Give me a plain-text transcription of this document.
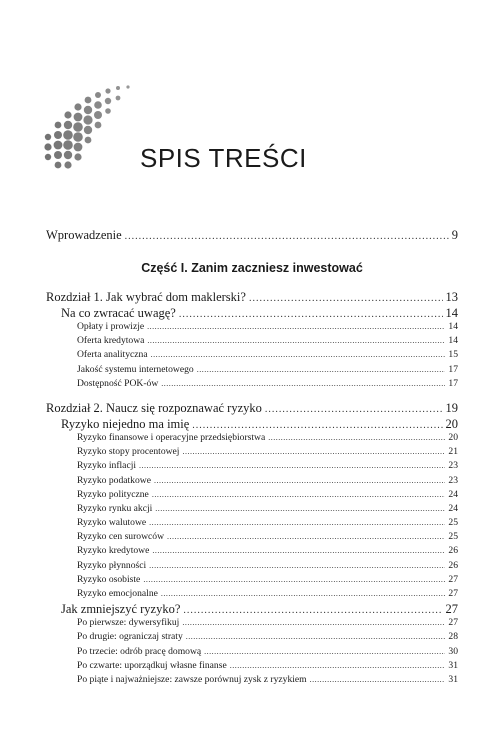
SPIS TREŚCI
Wprowadzenie .....	9
Część I. Zanim zaczniesz inwestować
Rozdział 1. Jak wybrać dom maklerski? .....	13
Na co zwracać uwagę? .....	14
Opłaty i prowizje .....	14
Oferta kredytowa .....	14
Oferta analityczna .....	15
Jakość systemu internetowego .....	17
Dostępność POK-ów .....	17
Rozdział 2. Naucz się rozpoznawać ryzyko .....	19
Ryzyko niejedno ma imię .....	20
Ryzyko finansowe i operacyjne przedsiębiorstwa .....	20
Ryzyko stopy procentowej .....	21
Ryzyko inflacji .....	23
Ryzyko podatkowe .....	23
Ryzyko polityczne .....	24
Ryzyko rynku akcji .....	24
Ryzyko walutowe .....	25
Ryzyko cen surowców .....	25
Ryzyko kredytowe .....	26
Ryzyko płynności .....	26
Ryzyko osobiste .....	27
Ryzyko emocjonalne .....	27
Jak zmniejszyć ryzyko? .....	27
Po pierwsze: dywersyfikuj .....	27
Po drugie: ograniczaj straty .....	28
Po trzecie: odrób pracę domową .....	30
Po czwarte: uporządkuj własne finanse .....	31
Po piąte i najważniejsze: zawsze porównuj zysk z ryzykiem .....	31
